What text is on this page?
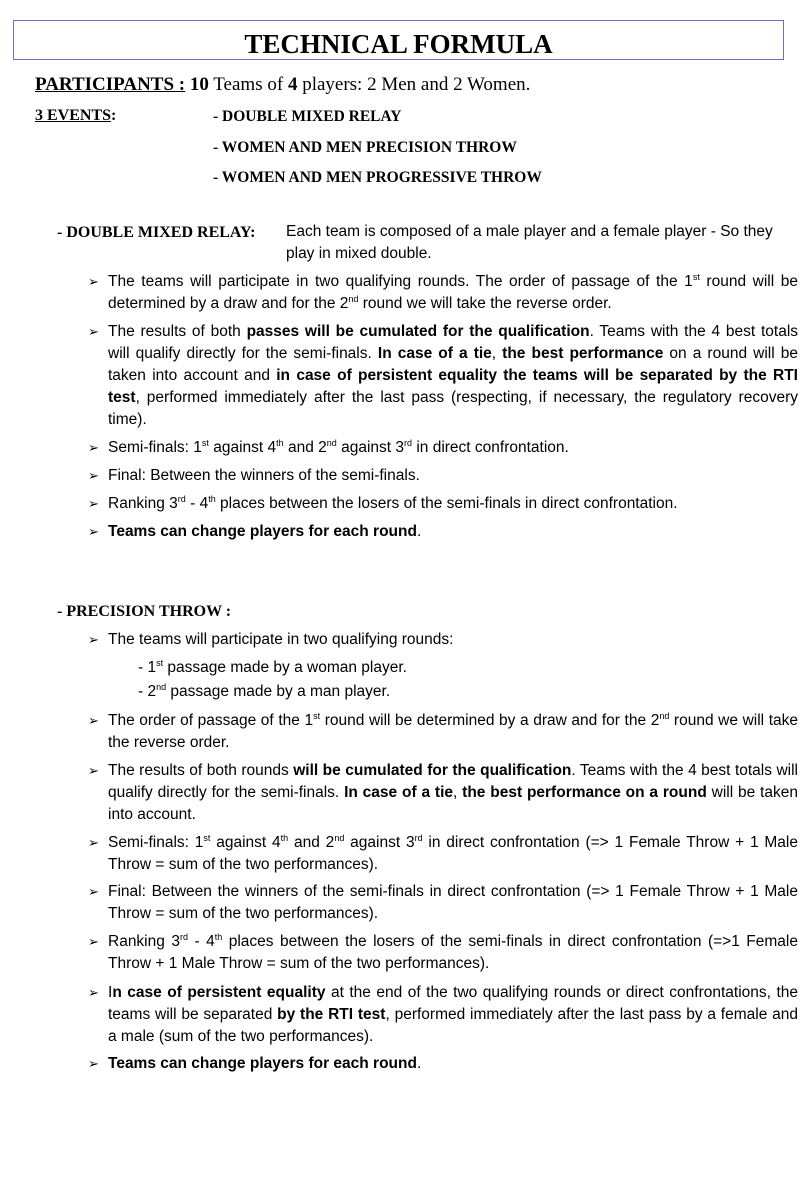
TECHNICAL FORMULA
PARTICIPANTS : 10 Teams of 4 players: 2 Men and 2 Women.
3 EVENTS:	- DOUBLE MIXED RELAY
- WOMEN AND MEN PRECISION THROW
- WOMEN AND MEN PROGRESSIVE THROW
- DOUBLE MIXED RELAY: Each team is composed of a male player and a female player - So they
play in mixed double.
➢ The teams will participate in two qualifying rounds. The order of passage of the 1st round will be determined by a draw and for the 2nd round we will take the reverse order.
➢ The results of both passes will be cumulated for the qualification. Teams with the 4 best totals will qualify directly for the semi-finals. In case of a tie, the best performance on a round will be taken into account and in case of persistent equality the teams will be separated by the RTI test, performed immediately after the last pass (respecting, if necessary, the regulatory recovery time).
➢ Semi-finals: 1st against 4th and 2nd against 3rd in direct confrontation.
➢ Final: Between the winners of the semi-finals.
➢ Ranking 3rd - 4th places between the losers of the semi-finals in direct confrontation.
➢ Teams can change players for each round.
- PRECISION THROW :
➢ The teams will participate in two qualifying rounds:
- 1st passage made by a woman player.
- 2nd passage made by a man player.
➢ The order of passage of the 1st round will be determined by a draw and for the 2nd round we will take the reverse order.
➢ The results of both rounds will be cumulated for the qualification. Teams with the 4 best totals will qualify directly for the semi-finals. In case of a tie, the best performance on a round will be taken into account.
➢ Semi-finals: 1st against 4th and 2nd against 3rd in direct confrontation (=> 1 Female Throw + 1 Male Throw = sum of the two performances).
➢ Final: Between the winners of the semi-finals in direct confrontation (=> 1 Female Throw + 1 Male Throw = sum of the two performances).
➢ Ranking 3rd - 4th places between the losers of the semi-finals in direct confrontation (=>1 Female Throw + 1 Male Throw = sum of the two performances).
➢ In case of persistent equality at the end of the two qualifying rounds or direct confrontations, the teams will be separated by the RTI test, performed immediately after the last pass by a female and a male (sum of the two performances).
➢ Teams can change players for each round.
